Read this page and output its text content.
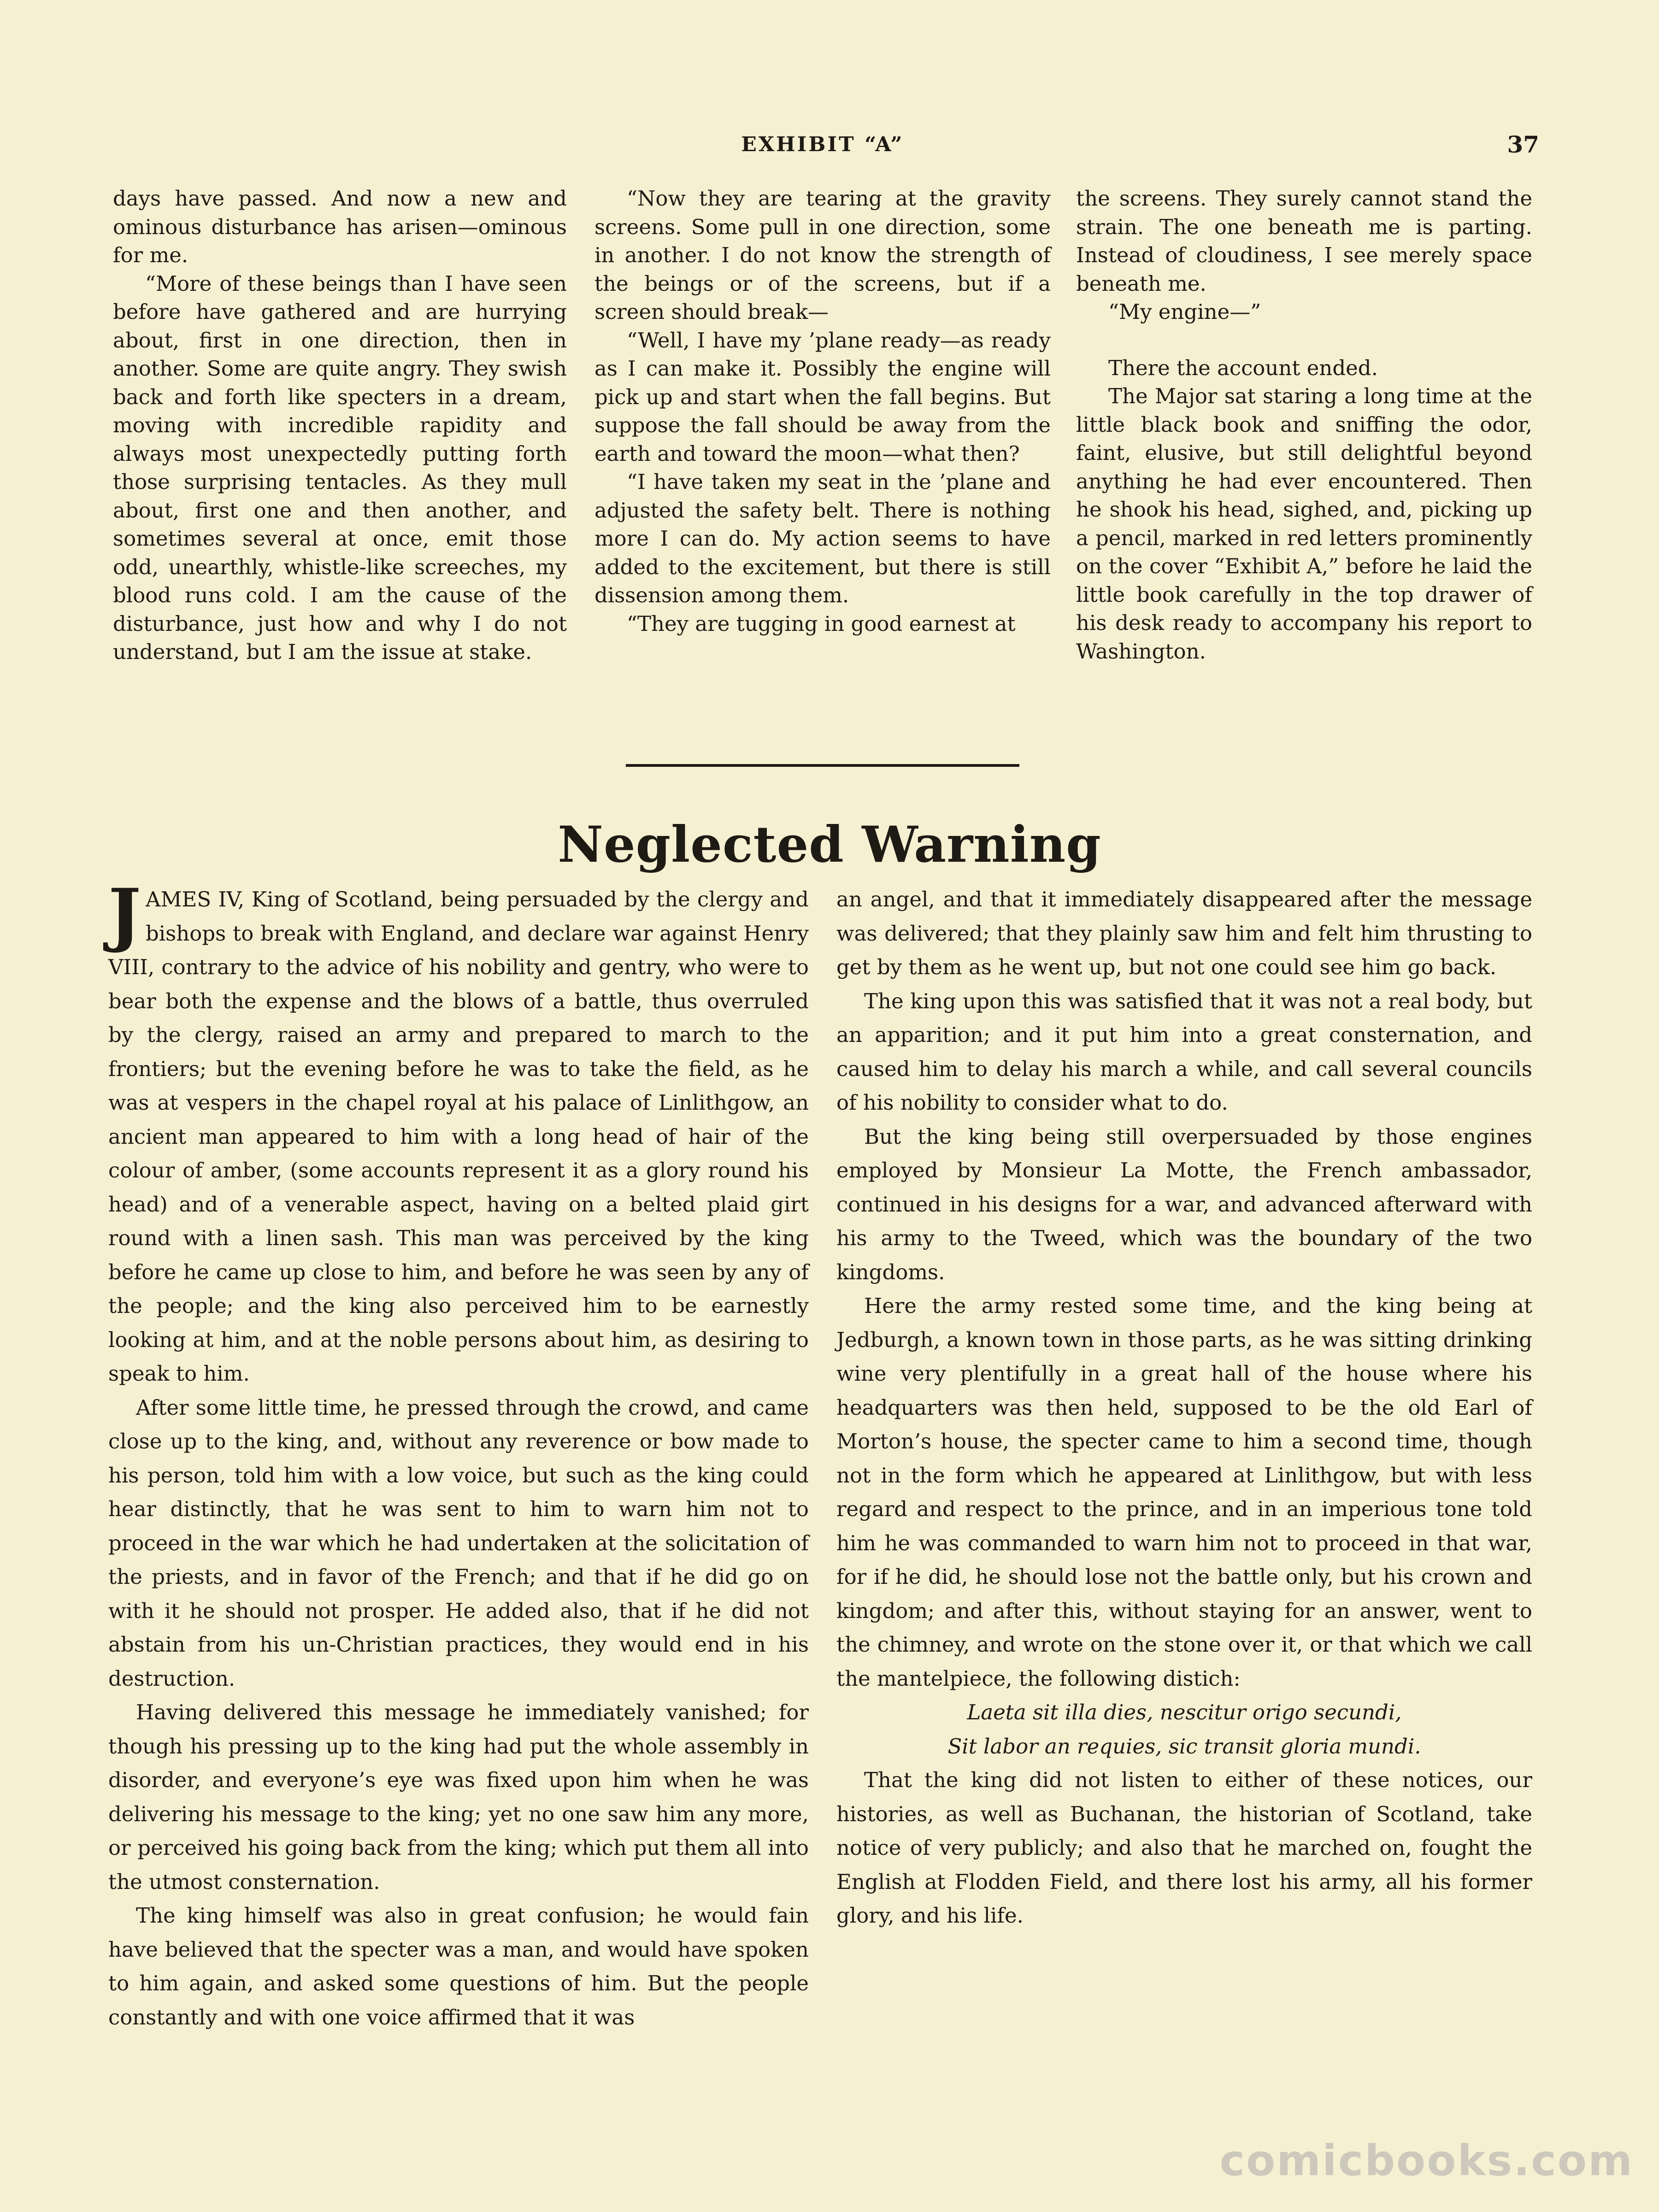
EXHIBIT “A”	37

days have passed. And now a new and ominous disturbance has arisen—ominous for me.

“More of these beings than I have seen before have gathered and are hurrying about, first in one direction, then in another. Some are quite angry. They swish back and forth like specters in a dream, moving with incredible rapidity and always most unexpectedly putting forth those surprising tentacles. As they mull about, first one and then another, and sometimes several at once, emit those odd, unearthly, whistle-like screeches, my blood runs cold. I am the cause of the disturbance, just how and why I do not understand, but I am the issue at stake.

“Now they are tearing at the gravity screens. Some pull in one direction, some in another. I do not know the strength of the beings or of the screens, but if a screen should break—

“Well, I have my ’plane ready—as ready as I can make it. Possibly the engine will pick up and start when the fall begins. But suppose the fall should be away from the earth and toward the moon—what then?

“I have taken my seat in the ’plane and adjusted the safety belt. There is nothing more I can do. My action seems to have added to the excitement, but there is still dissension among them.

“They are tugging in good earnest at

the screens. They surely cannot stand the strain. The one beneath me is parting. Instead of cloudiness, I see merely space beneath me.

“My engine—”

There the account ended.

The Major sat staring a long time at the little black book and sniffing the odor, faint, elusive, but still delightful beyond anything he had ever encountered. Then he shook his head, sighed, and, picking up a pencil, marked in red letters prominently on the cover “Exhibit A,” before he laid the little book carefully in the top drawer of his desk ready to accompany his report to Washington.

Neglected Warning

JAMES IV, King of Scotland, being persuaded by the clergy and bishops to break with England, and declare war against Henry VIII, contrary to the advice of his nobility and gentry, who were to bear both the expense and the blows of a battle, thus overruled by the clergy, raised an army and prepared to march to the frontiers; but the evening before he was to take the field, as he was at vespers in the chapel royal at his palace of Linlithgow, an ancient man appeared to him with a long head of hair of the colour of amber, (some accounts represent it as a glory round his head) and of a venerable aspect, having on a belted plaid girt round with a linen sash. This man was perceived by the king before he came up close to him, and before he was seen by any of the people; and the king also perceived him to be earnestly looking at him, and at the noble persons about him, as desiring to speak to him.

After some little time, he pressed through the crowd, and came close up to the king, and, without any reverence or bow made to his person, told him with a low voice, but such as the king could hear distinctly, that he was sent to him to warn him not to proceed in the war which he had undertaken at the solicitation of the priests, and in favor of the French; and that if he did go on with it he should not prosper. He added also, that if he did not abstain from his un-Christian practices, they would end in his destruction.

Having delivered this message he immediately vanished; for though his pressing up to the king had put the whole assembly in disorder, and everyone’s eye was fixed upon him when he was delivering his message to the king; yet no one saw him any more, or perceived his going back from the king; which put them all into the utmost consternation.

The king himself was also in great confusion; he would fain have believed that the specter was a man, and would have spoken to him again, and asked some questions of him. But the people constantly and with one voice affirmed that it was

an angel, and that it immediately disappeared after the message was delivered; that they plainly saw him and felt him thrusting to get by them as he went up, but not one could see him go back.

The king upon this was satisfied that it was not a real body, but an apparition; and it put him into a great consternation, and caused him to delay his march a while, and call several councils of his nobility to consider what to do.

But the king being still overpersuaded by those engines employed by Monsieur La Motte, the French ambassador, continued in his designs for a war, and advanced afterward with his army to the Tweed, which was the boundary of the two kingdoms.

Here the army rested some time, and the king being at Jedburgh, a known town in those parts, as he was sitting drinking wine very plentifully in a great hall of the house where his headquarters was then held, supposed to be the old Earl of Morton’s house, the specter came to him a second time, though not in the form which he appeared at Linlithgow, but with less regard and respect to the prince, and in an imperious tone told him he was commanded to warn him not to proceed in that war, for if he did, he should lose not the battle only, but his crown and kingdom; and after this, without staying for an answer, went to the chimney, and wrote on the stone over it, or that which we call the mantelpiece, the following distich:

Laeta sit illa dies, nescitur origo secundi,
Sit labor an requies, sic transit gloria mundi.

That the king did not listen to either of these notices, our histories, as well as Buchanan, the historian of Scotland, take notice of very publicly; and also that he marched on, fought the English at Flodden Field, and there lost his army, all his former glory, and his life.

comicbooks.com
